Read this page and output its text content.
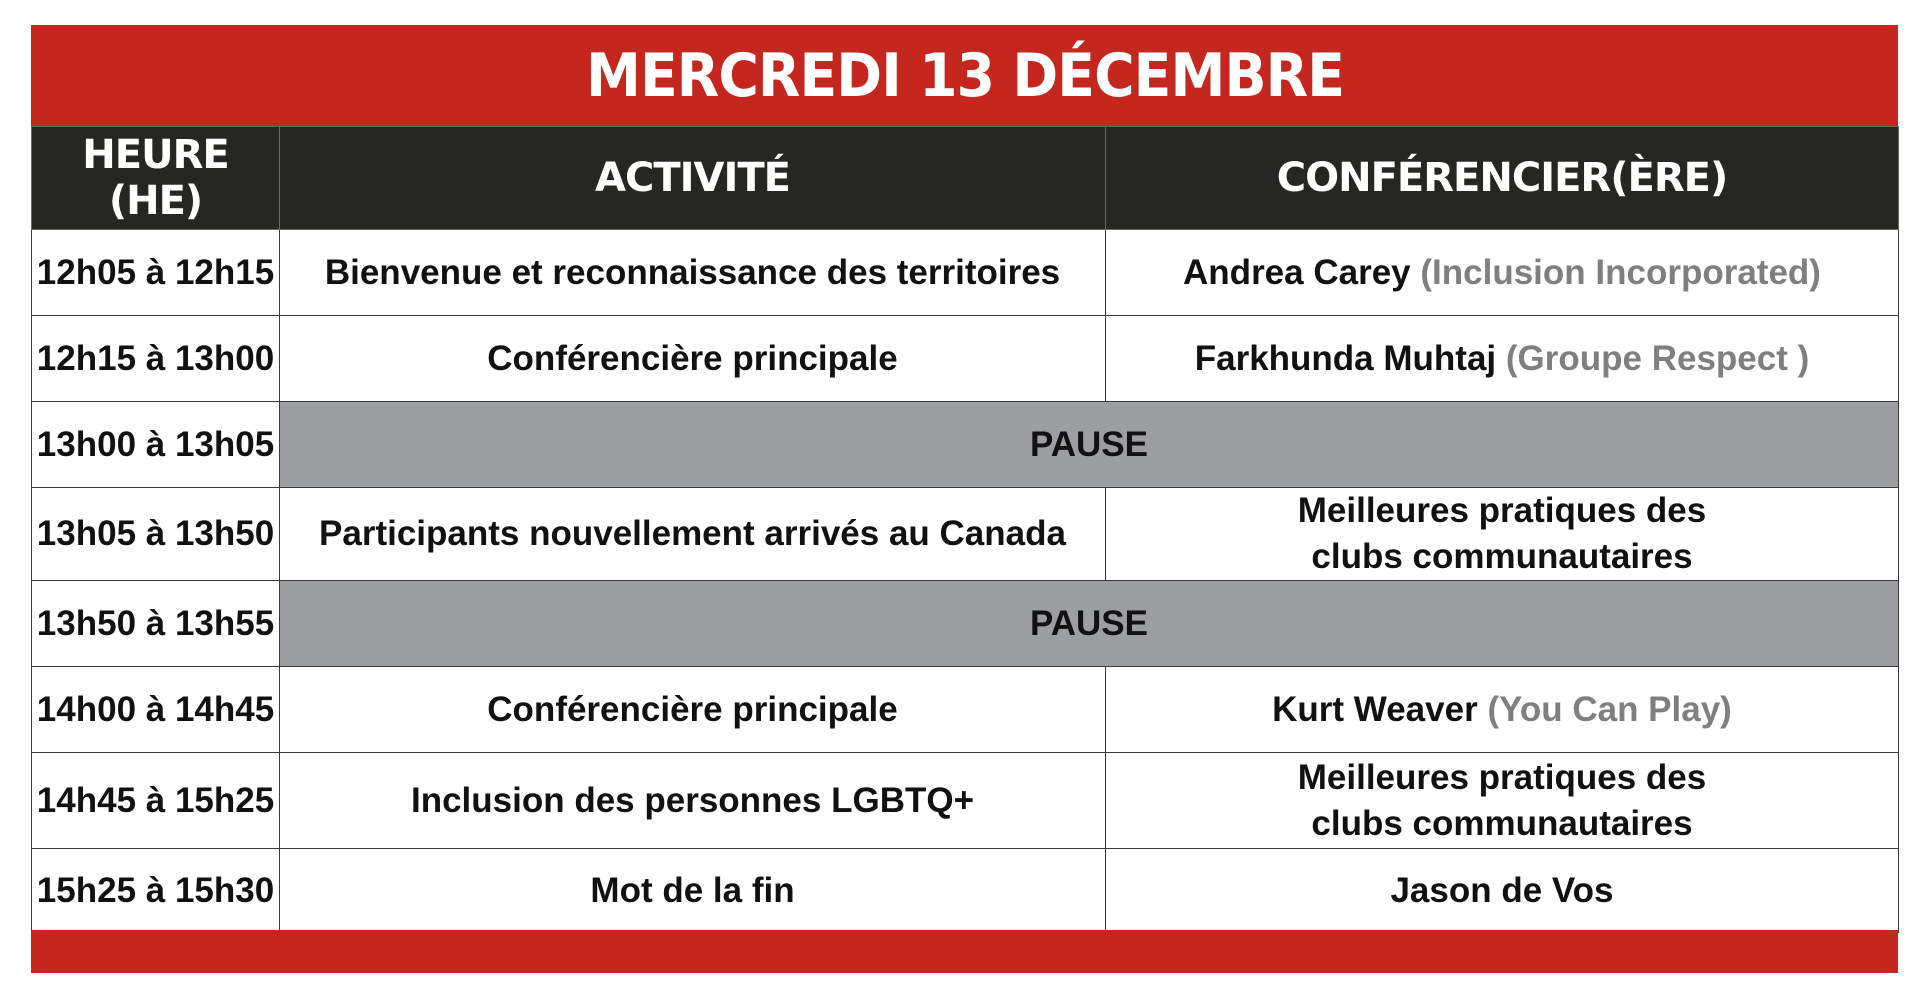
MERCREDI 13 DÉCEMBRE
HEURE (HE)	ACTIVITÉ	CONFÉRENCIER(ÈRE)
12h05 à 12h15	Bienvenue et reconnaissance des territoires	Andrea Carey (Inclusion Incorporated)
12h15 à 13h00	Conférencière principale	Farkhunda Muhtaj (Groupe Respect )
13h00 à 13h05	PAUSE	
13h05 à 13h50	Participants nouvellement arrivés au Canada	Meilleures pratiques des
clubs communautaires

13h50 à 13h55	PAUSE	
14h00 à 14h45	Conférencière principale	Kurt Weaver (You Can Play)
14h45 à 15h25	Inclusion des personnes LGBTQ+	Meilleures pratiques des
clubs communautaires

15h25 à 15h30	Mot de la fin	Jason de Vos
